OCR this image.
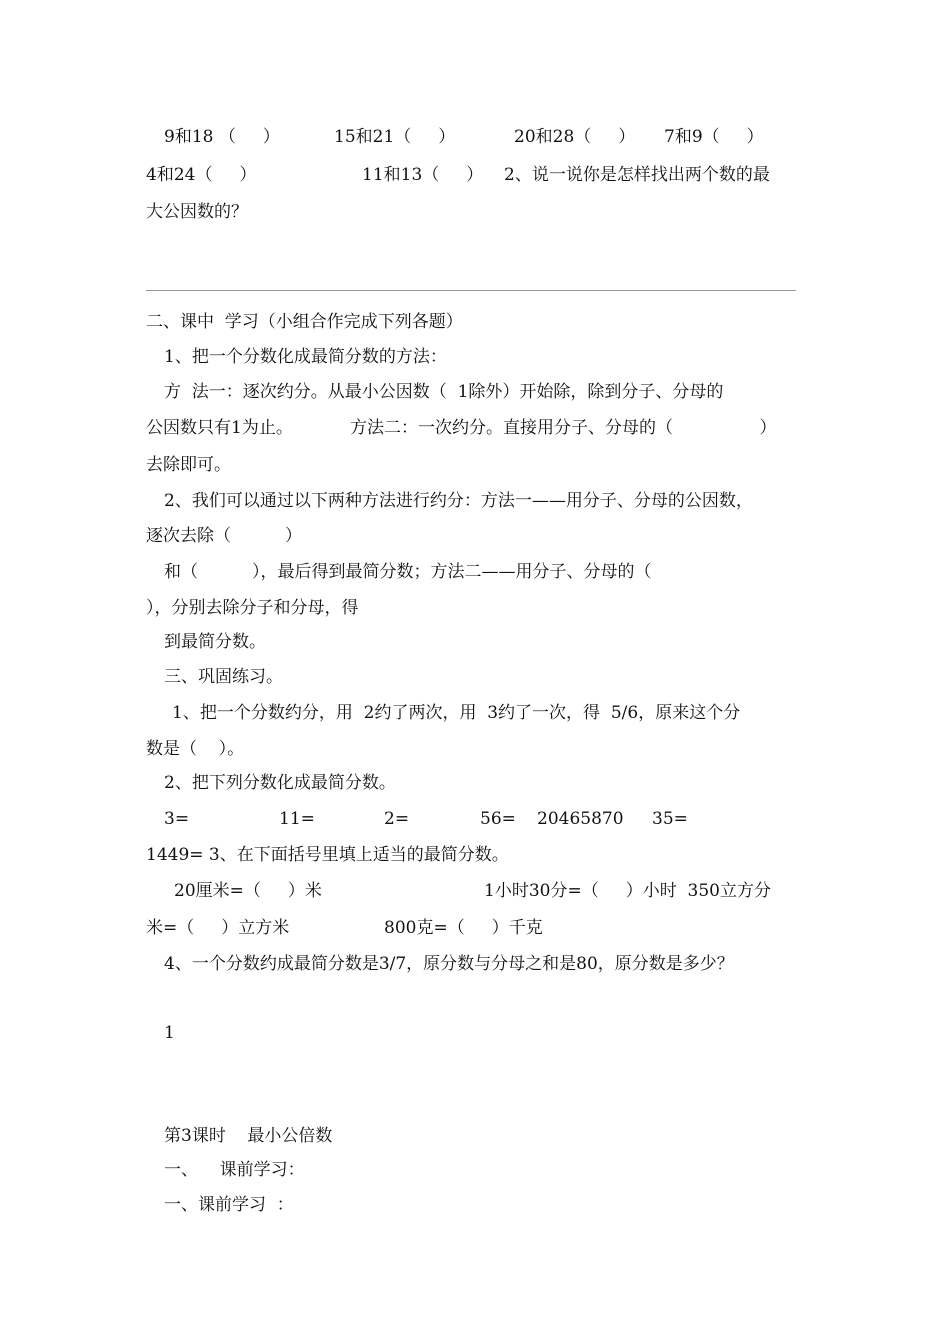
9和18 （     ）	15和21（     ）	20和28（     ） 7和9（     ）
4和24（     ）	11和13（     ） 2、说一说你是怎样找出两个数的最
大公因数的？
二、课中  学习（小组合作完成下列各题）
1、把一个分数化成最简分数的方法：
方  法一：逐次约分。从最小公因数（  1除外）开始除，除到分子、分母的
公因数只有1为止。	方法二：一次约分。直接用分子、分母的（                ）
去除即可。
2、我们可以通过以下两种方法进行约分：方法一——用分子、分母的公因数，
逐次去除（          ）
和（          ），最后得到最简分数；方法二——用分子、分母的（
），分别去除分子和分母，得
到最简分数。
三、巩固练习。
1、把一个分数约分，用  2约了两次，用  3约了一次，得  5/6，原来这个分
数是（    ）。
2、把下列分数化成最简分数。
3=	11=	2=	56= 20465870 35=
1449= 3、在下面括号里填上适当的最简分数。
20厘米=（     ）米	1小时30分=（     ）小时  350立方分
米=（     ）立方米	800克=（     ）千克
4、一个分数约成最简分数是3/7，原分数与分母之和是80，原分数是多少？
1
第3课时    最小公倍数
一、    课前学习：
一、课前学习  ：
